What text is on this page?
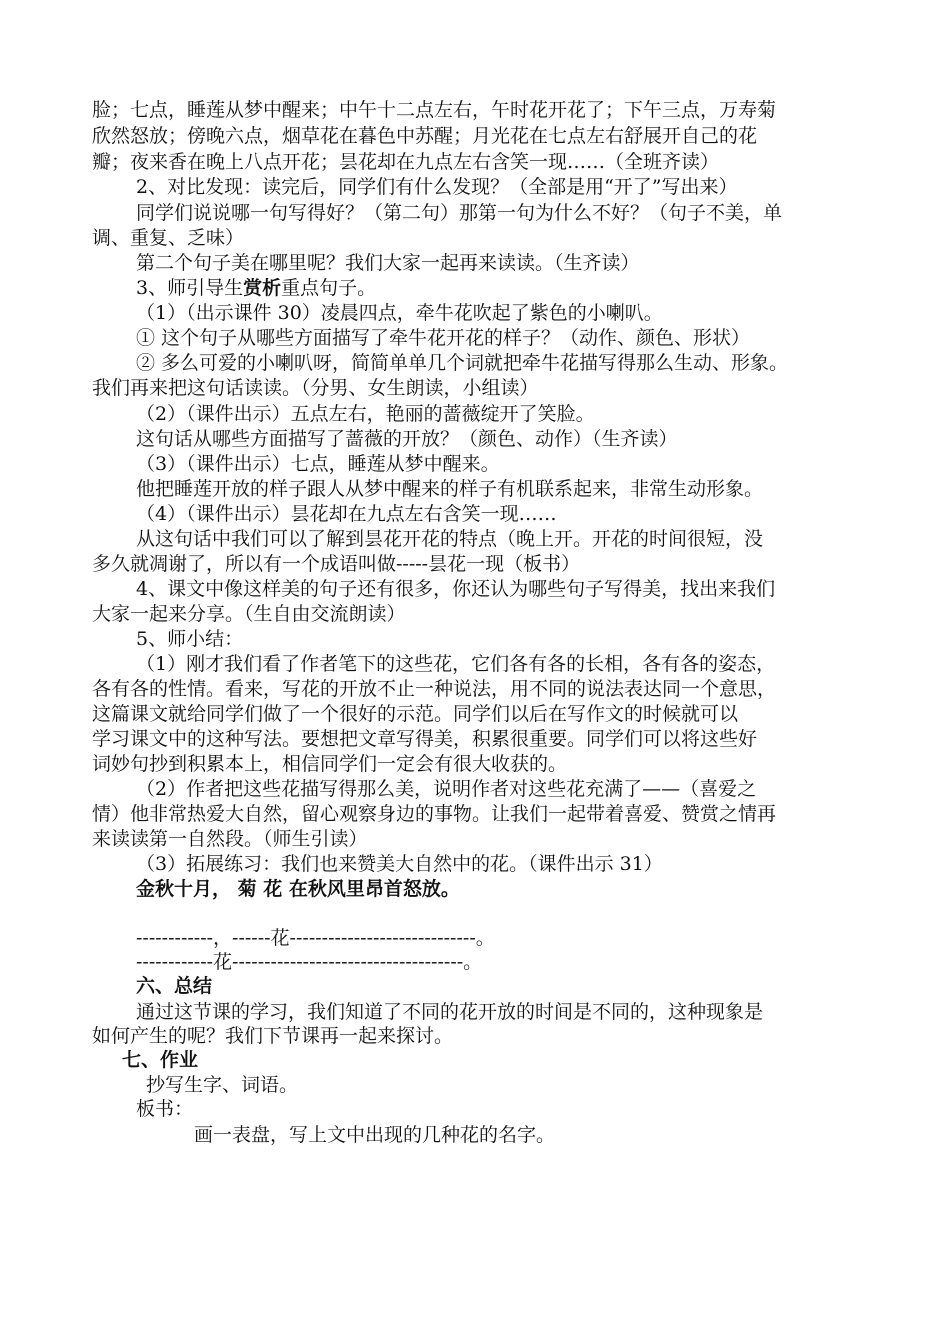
脸；七点，睡莲从梦中醒来；中午十二点左右，午时花开花了；下午三点，万寿菊
欣然怒放；傍晚六点，烟草花在暮色中苏醒；月光花在七点左右舒展开自己的花
瓣；夜来香在晚上八点开花；昙花却在九点左右含笑一现……（全班齐读）
2、对比发现：读完后，同学们有什么发现？（全部是用“开了”写出来）
同学们说说哪一句写得好？（第二句）那第一句为什么不好？（句子不美，单
调、重复、乏味）
第二个句子美在哪里呢？我们大家一起再来读读。（生齐读）
3、师引导生赏析重点句子。
（1）（出示课件 30）凌晨四点，牵牛花吹起了紫色的小喇叭。
① 这个句子从哪些方面描写了牵牛花开花的样子？（动作、颜色、形状）
② 多么可爱的小喇叭呀，简简单单几个词就把牵牛花描写得那么生动、形象。
我们再来把这句话读读。（分男、女生朗读，小组读）
（2）（课件出示）五点左右，艳丽的蔷薇绽开了笑脸。
这句话从哪些方面描写了蔷薇的开放？（颜色、动作）（生齐读）
（3）（课件出示）七点，睡莲从梦中醒来。
他把睡莲开放的样子跟人从梦中醒来的样子有机联系起来，非常生动形象。
（4）（课件出示）昙花却在九点左右含笑一现……
从这句话中我们可以了解到昙花开花的特点（晚上开。开花的时间很短，没
多久就凋谢了，所以有一个成语叫做-----昙花一现（板书）
4、课文中像这样美的句子还有很多，你还认为哪些句子写得美，找出来我们
大家一起来分享。（生自由交流朗读）
5、师小结：
（1）刚才我们看了作者笔下的这些花，它们各有各的长相，各有各的姿态，
各有各的性情。看来，写花的开放不止一种说法，用不同的说法表达同一个意思，
这篇课文就给同学们做了一个很好的示范。同学们以后在写作文的时候就可以
学习课文中的这种写法。要想把文章写得美，积累很重要。同学们可以将这些好
词妙句抄到积累本上，相信同学们一定会有很大收获的。
（2）作者把这些花描写得那么美，说明作者对这些花充满了——（喜爱之
情）他非常热爱大自然，留心观察身边的事物。让我们一起带着喜爱、赞赏之情再
来读读第一自然段。（师生引读）
（3）拓展练习：我们也来赞美大自然中的花。（课件出示 31）
金秋十月， 菊 花 在秋风里昂首怒放。
------------，------花-----------------------------。
------------花------------------------------------。
六、总结
通过这节课的学习，我们知道了不同的花开放的时间是不同的，这种现象是
如何产生的呢？我们下节课再一起来探讨。
七、作业
抄写生字、词语。
板书：
画一表盘，写上文中出现的几种花的名字。
